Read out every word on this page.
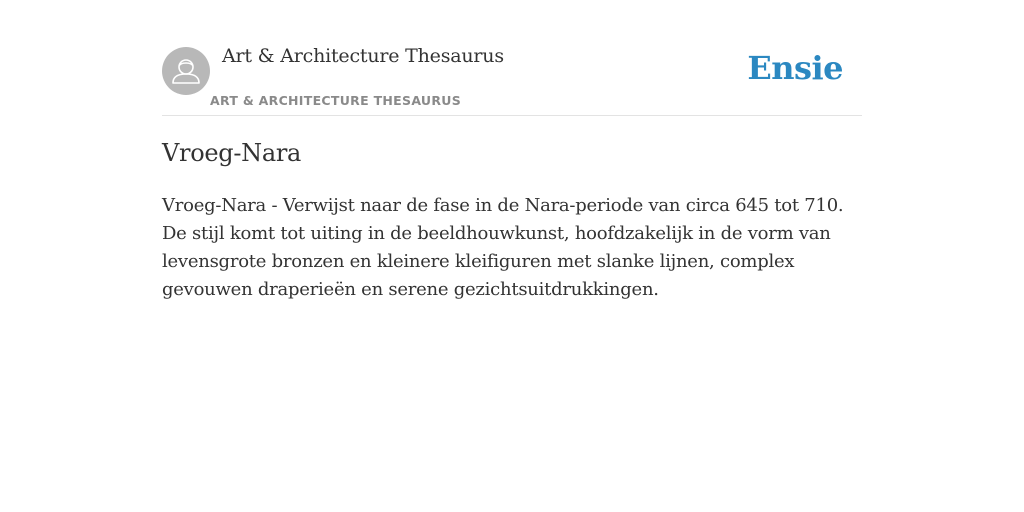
Art & Architecture Thesaurus
ART & ARCHITECTURE THESAURUS
Ensie
Vroeg-Nara

Vroeg-Nara - Verwijst naar de fase in de Nara-periode van circa 645 tot 710. De stijl komt tot uiting in de beeldhouwkunst, hoofdzakelijk in de vorm van levensgrote bronzen en kleinere kleifiguren met slanke lijnen, complex gevouwen draperieën en serene gezichtsuitdrukkingen.
